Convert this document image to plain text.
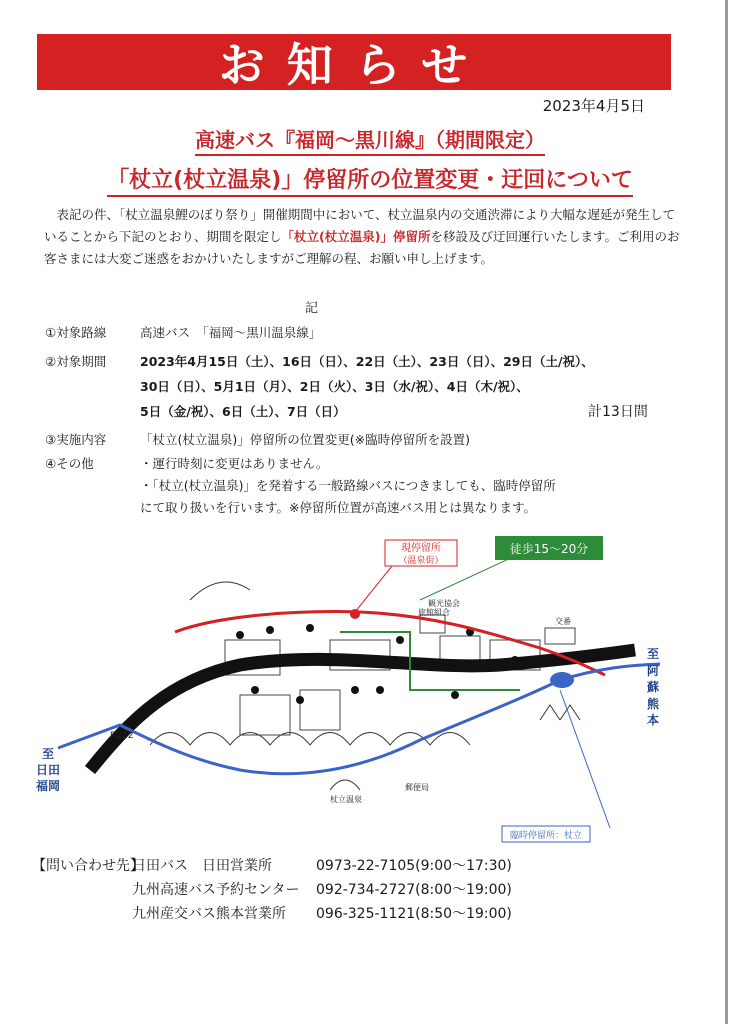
お知らせ
2023年4月5日
高速バス『福岡～黒川線』（期間限定）
「杖立(杖立温泉)」停留所の位置変更・迂回について
表記の件、「杖立温泉鯉のぼり祭り」開催期間中において、杖立温泉内の交通渋滞により大幅な遅延が発生していることから下記のとおり、期間を限定し「杖立(杖立温泉)」停留所を移設及び迂回運行いたします。ご利用のお客さまには大変ご迷惑をおかけいたしますがご理解の程、お願い申し上げます。
記
①対象路線	高速バス　「福岡～黒川温泉線」
②対象期間	2023年4月15日（土）、16日（日）、22日（土）、23日（日）、29日（土/祝）、
30日（日）、5月1日（月）、2日（火）、3日（水/祝）、4日（木/祝）、
5日（金/祝）、6日（土）、7日（日）	計13日間
③実施内容	「杖立(杖立温泉)」停留所の位置変更(※臨時停留所を設置)
④その他	・運行時刻に変更はありません。
・「杖立(杖立温泉)」を発着する一般路線バスにつきましても、臨時停留所
にて取り扱いを行います。※停留所位置が高速バス用とは異なります。
現停留所
（温泉街）
徒歩15～20分
臨時停留所：杖立
至
阿
蘇
熊
本
至
日田
福岡
R212
観光協会
旅館組合
交番
杖立温泉
郵便局
【問い合わせ先】
日田バス　日田営業所	0973-22-7105(9:00～17:30)
九州高速バス予約センター 092-734-2727(8:00～19:00)
九州産交バス熊本営業所 096-325-1121(8:50～19:00)
